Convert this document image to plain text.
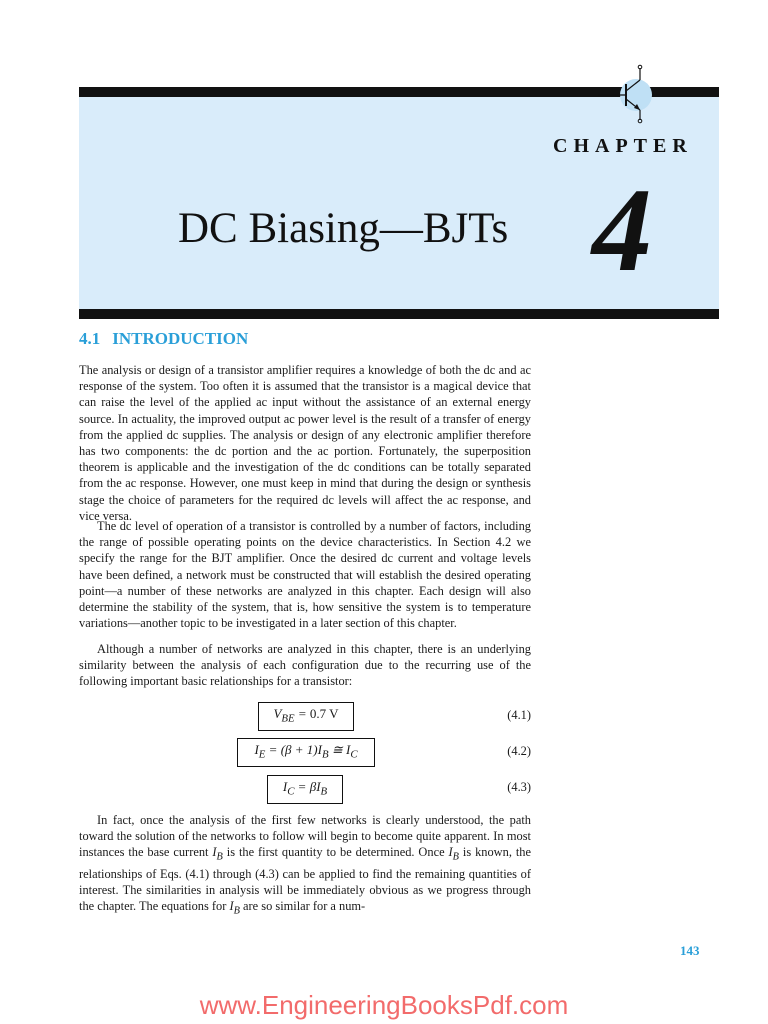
CHAPTER
DC Biasing—BJTs 4
4.1 INTRODUCTION

The analysis or design of a transistor amplifier requires a knowledge of both the dc and ac response of the system. Too often it is assumed that the transistor is a magical device that can raise the level of the applied ac input without the assistance of an external energy source. In actuality, the improved output ac power level is the result of a transfer of energy from the applied dc supplies. The analysis or design of any electronic amplifier therefore has two components: the dc portion and the ac portion. Fortunately, the superposition theorem is applicable and the investigation of the dc conditions can be totally separated from the ac response. However, one must keep in mind that during the design or synthesis stage the choice of parameters for the required dc levels will affect the ac response, and vice versa.

The dc level of operation of a transistor is controlled by a number of factors, including the range of possible operating points on the device characteristics. In Section 4.2 we specify the range for the BJT amplifier. Once the desired dc current and voltage levels have been defined, a network must be constructed that will establish the desired operating point—a number of these networks are analyzed in this chapter. Each design will also determine the stability of the system, that is, how sensitive the system is to temperature variations—another topic to be investigated in a later section of this chapter.

Although a number of networks are analyzed in this chapter, there is an underlying similarity between the analysis of each configuration due to the recurring use of the following important basic relationships for a transistor:

$V_{BE} = 0.7$ V	(4.1)
$I_E = (\beta + 1)I_B$ ≅ $I_C$	(4.2)
$I_C = \beta I_B$	(4.3)

In fact, once the analysis of the first few networks is clearly understood, the path toward the solution of the networks to follow will begin to become quite apparent. In most instances the base current $I_B$ is the first quantity to be determined. Once $I_B$ is known, the relationships of Eqs. (4.1) through (4.3) can be applied to find the remaining quantities of interest. The similarities in analysis will be immediately obvious as we progress through the chapter. The equations for $I_B$ are so similar for a num-

143
www.EngineeringBooksPdf.com
